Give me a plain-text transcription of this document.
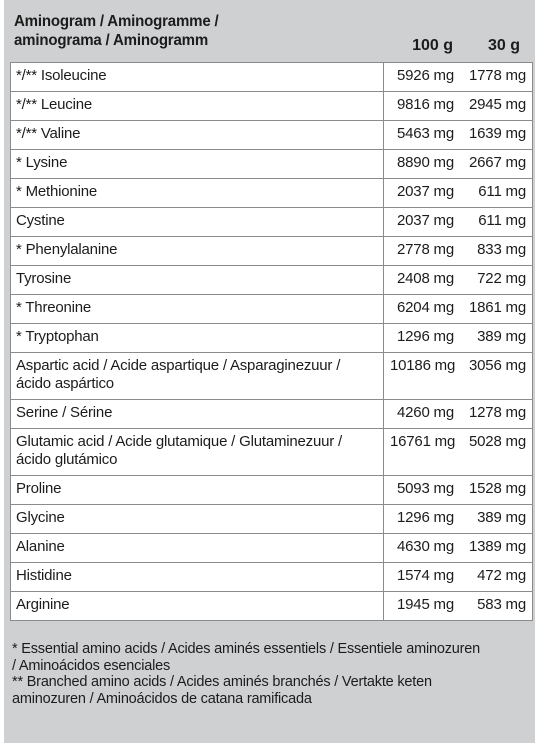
Aminogram / Aminogramme /
aminograma / Aminogramm	100 g 30 g
*/** Isoleucine	5926 mg	1778 mg
*/** Leucine	9816 mg	2945 mg
*/** Valine	5463 mg	1639 mg
* Lysine	8890 mg	2667 mg
* Methionine	2037 mg	611 mg
Cystine	2037 mg	611 mg
* Phenylalanine	2778 mg	833 mg
Tyrosine	2408 mg	722 mg
* Threonine	6204 mg	1861 mg
* Tryptophan	1296 mg	389 mg
Aspartic acid / Acide aspartique / Asparaginezuur / ácido aspártico	10186 mg	3056 mg
Serine / Sérine	4260 mg	1278 mg
Glutamic acid / Acide glutamique / Glutaminezuur / ácido glutámico	16761 mg	5028 mg
Proline	5093 mg	1528 mg
Glycine	1296 mg	389 mg
Alanine	4630 mg	1389 mg
Histidine	1574 mg	472 mg
Arginine	1945 mg	583 mg

* Essential amino acids / Acides aminés essentiels / Essentiele aminozuren / Aminoácidos esenciales

** Branched amino acids / Acides aminés branchés / Vertakte keten aminozuren / Aminoácidos de catana ramificada
